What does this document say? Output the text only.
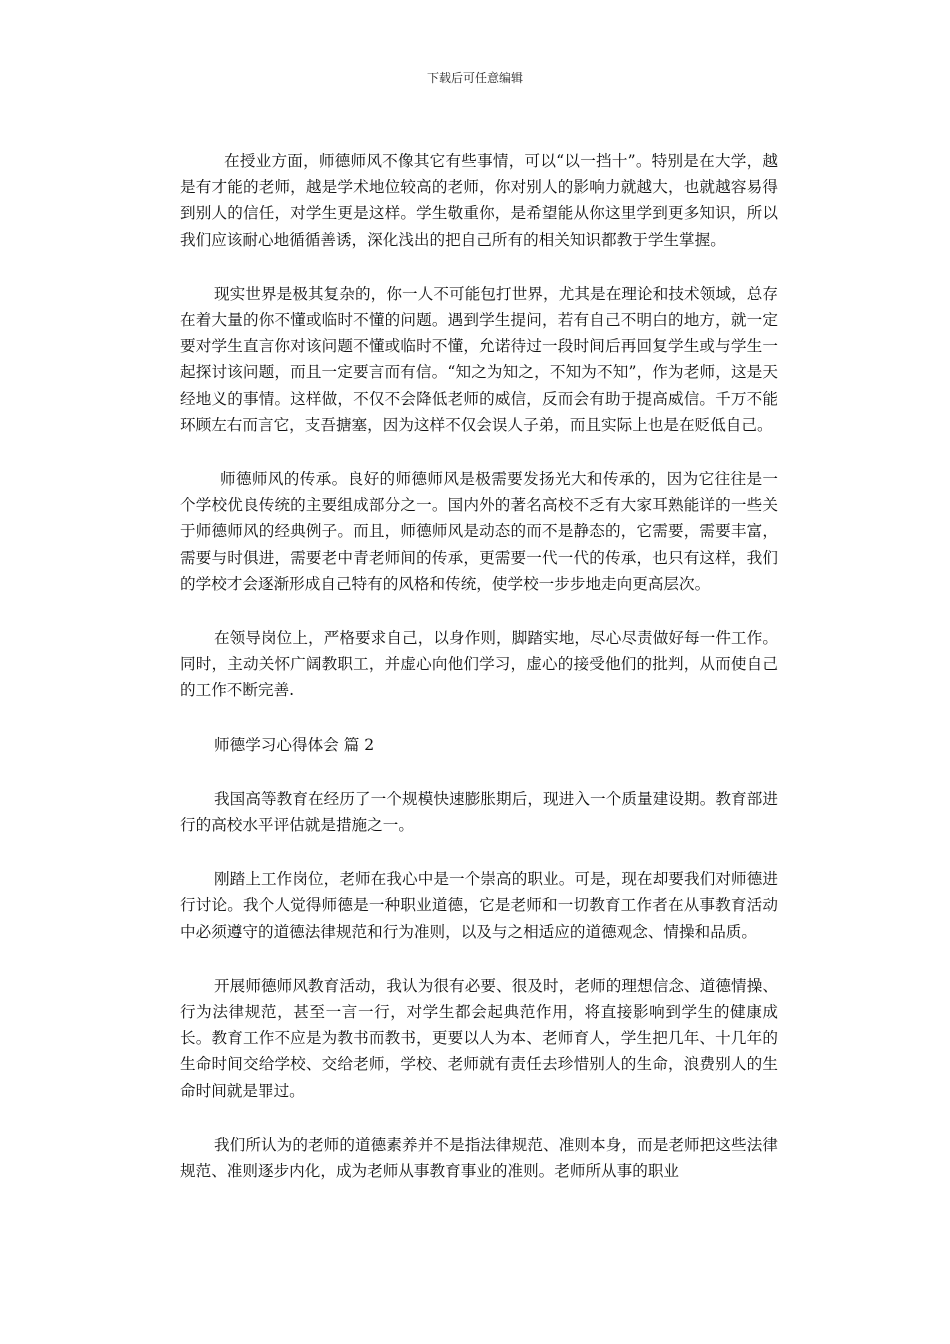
下载后可任意编辑

在授业方面，师德师风不像其它有些事情，可以“以一挡十”。特别是在大学，越是有才能的老师，越是学术地位较高的老师，你对别人的影响力就越大，也就越容易得到别人的信任，对学生更是这样。学生敬重你，是希望能从你这里学到更多知识，所以我们应该耐心地循循善诱，深化浅出的把自己所有的相关知识都教于学生掌握。

现实世界是极其复杂的，你一人不可能包打世界，尤其是在理论和技术领域，总存在着大量的你不懂或临时不懂的问题。遇到学生提问，若有自己不明白的地方，就一定要对学生直言你对该问题不懂或临时不懂，允诺待过一段时间后再回复学生或与学生一起探讨该问题，而且一定要言而有信。“知之为知之，不知为不知”，作为老师，这是天经地义的事情。这样做，不仅不会降低老师的威信，反而会有助于提高威信。千万不能环顾左右而言它，支吾搪塞，因为这样不仅会误人子弟，而且实际上也是在贬低自己。

师德师风的传承。良好的师德师风是极需要发扬光大和传承的，因为它往往是一个学校优良传统的主要组成部分之一。国内外的著名高校不乏有大家耳熟能详的一些关于师德师风的经典例子。而且，师德师风是动态的而不是静态的，它需要，需要丰富，需要与时俱进，需要老中青老师间的传承，更需要一代一代的传承，也只有这样，我们的学校才会逐渐形成自己特有的风格和传统，使学校一步步地走向更高层次。

在领导岗位上，严格要求自己，以身作则，脚踏实地，尽心尽责做好每一件工作。同时，主动关怀广阔教职工，并虚心向他们学习，虚心的接受他们的批判，从而使自己的工作不断完善.

师德学习心得体会 篇 2

我国高等教育在经历了一个规模快速膨胀期后，现进入一个质量建设期。教育部进行的高校水平评估就是措施之一。

刚踏上工作岗位，老师在我心中是一个崇高的职业。可是，现在却要我们对师德进行讨论。我个人觉得师德是一种职业道德，它是老师和一切教育工作者在从事教育活动中必须遵守的道德法律规范和行为准则，以及与之相适应的道德观念、情操和品质。

开展师德师风教育活动，我认为很有必要、很及时，老师的理想信念、道德情操、行为法律规范，甚至一言一行，对学生都会起典范作用，将直接影响到学生的健康成长。教育工作不应是为教书而教书，更要以人为本、老师育人，学生把几年、十几年的生命时间交给学校、交给老师，学校、老师就有责任去珍惜别人的生命，浪费别人的生命时间就是罪过。

我们所认为的老师的道德素养并不是指法律规范、准则本身，而是老师把这些法律规范、准则逐步内化，成为老师从事教育事业的准则。老师所从事的职业
